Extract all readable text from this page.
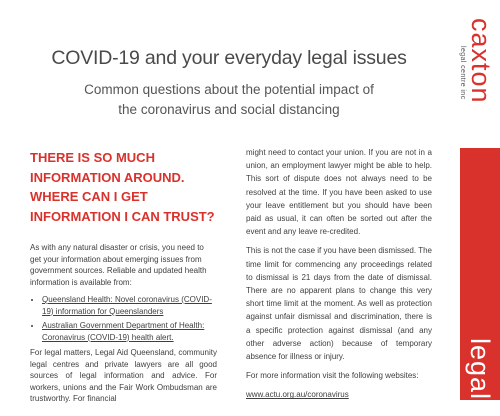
COVID-19 and your everyday legal issues
Common questions about the potential impact of
the coronavirus and social distancing
caxton
legal centre inc
legal i
THERE IS SO MUCH INFORMATION AROUND. WHERE CAN I GET INFORMATION I CAN TRUST?

As with any natural disaster or crisis, you need to get your information about emerging issues from government sources. Reliable and updated health information is available from:

• Queensland Health: Novel coronavirus (COVID-19) information for Queenslanders
• Australian Government Department of Health: Coronavirus (COVID-19) health alert.

For legal matters, Legal Aid Queensland, community legal centres and private lawyers are all good sources of legal information and advice. For workers, unions and the Fair Work Ombudsman are trustworthy. For financial

might need to contact your union. If you are not in a union, an employment lawyer might be able to help. This sort of dispute does not always need to be resolved at the time. If you have been asked to use your leave entitlement but you should have been paid as usual, it can often be sorted out after the event and any leave re-credited.

This is not the case if you have been dismissed. The time limit for commencing any proceedings related to dismissal is 21 days from the date of dismissal. There are no apparent plans to change this very short time limit at the moment. As well as protection against unfair dismissal and discrimination, there is a specific protection against dismissal (and any other adverse action) because of temporary absence for illness or injury.

For more information visit the following websites:

www.actu.org.au/coronavirus
